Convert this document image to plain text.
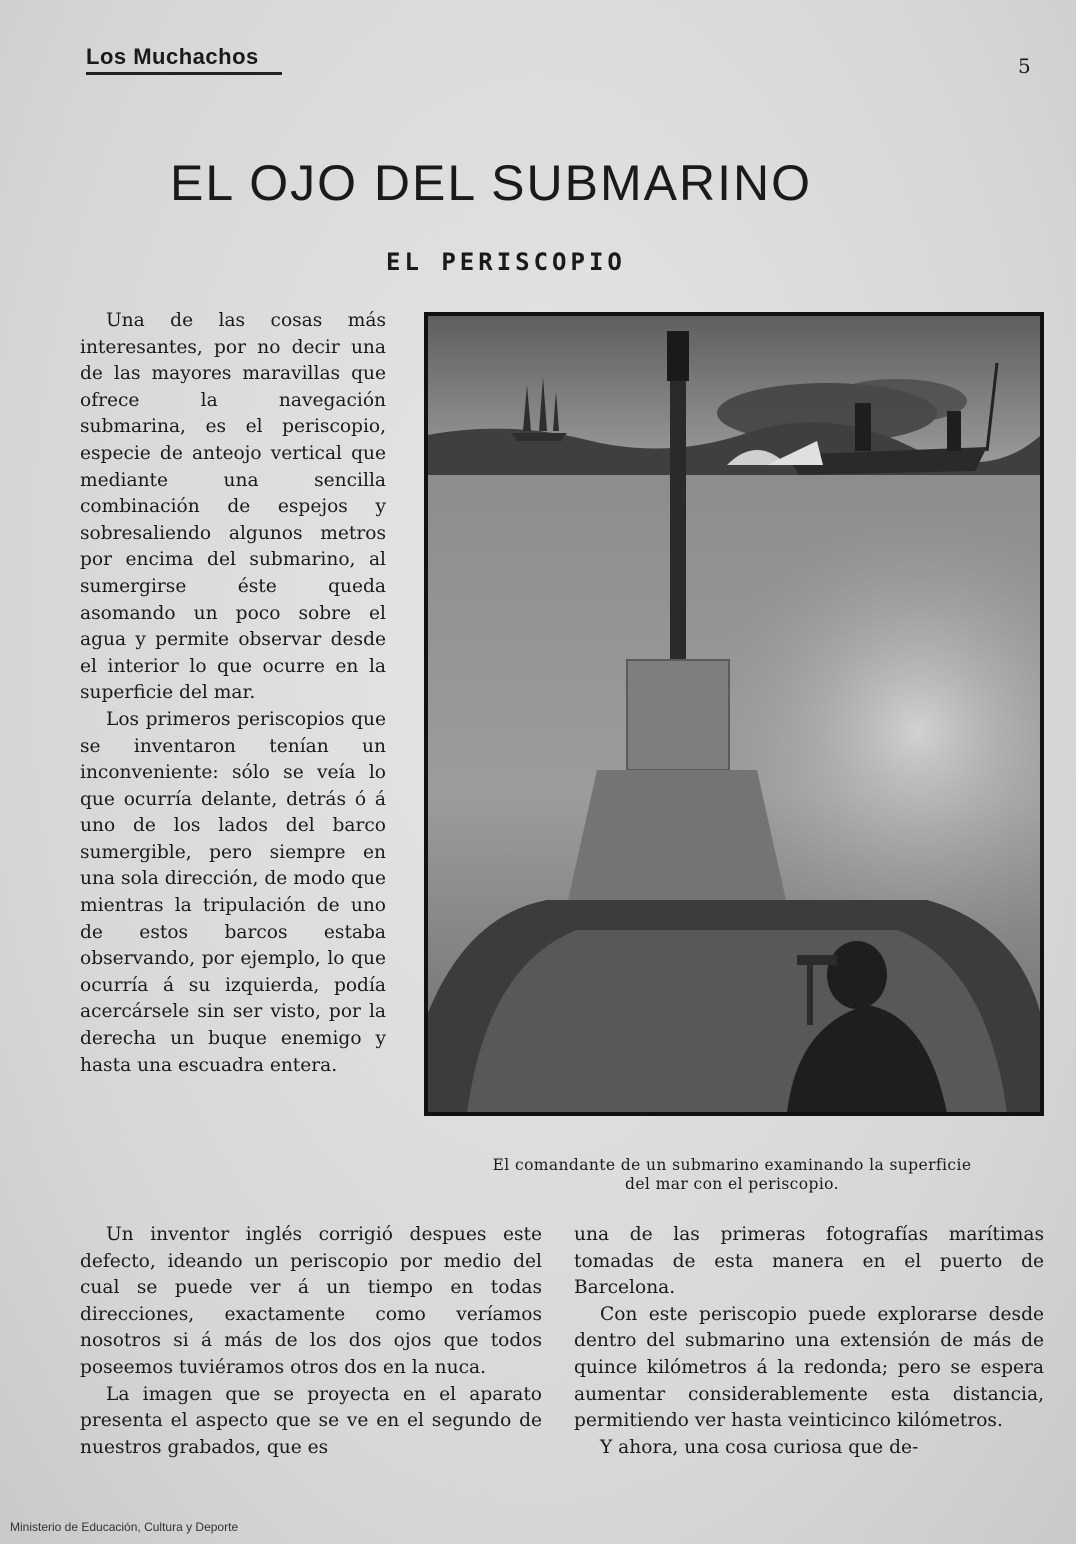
Los Muchachos	5
EL OJO DEL SUBMARINO
EL PERISCOPIO

Una de las cosas más interesantes, por no decir una de las mayores maravillas que ofrece la navegación submarina, es el periscopio, especie de anteojo vertical que mediante una sencilla combinación de espejos y sobresaliendo algunos metros por encima del submarino, al sumergirse éste queda asomando un poco sobre el agua y permite observar desde el interior lo que ocurre en la superficie del mar.

Los primeros periscopios que se inventaron tenían un inconveniente: sólo se veía lo que ocurría delante, detrás ó á uno de los lados del barco sumergible, pero siempre en una sola dirección, de modo que mientras la tripulación de uno de estos barcos estaba observando, por ejemplo, lo que ocurría á su izquierda, podía acercársele sin ser visto, por la derecha un buque enemigo y hasta una escuadra entera.

El comandante de un submarino examinando la superficie
del mar con el periscopio.

Un inventor inglés corrigió despues este defecto, ideando un periscopio por medio del cual se puede ver á un tiempo en todas direcciones, exactamente como veríamos nosotros si á más de los dos ojos que todos poseemos tuviéramos otros dos en la nuca.

La imagen que se proyecta en el aparato presenta el aspecto que se ve en el segundo de nuestros grabados, que es

una de las primeras fotografías marítimas tomadas de esta manera en el puerto de Barcelona.

Con este periscopio puede explorarse desde dentro del submarino una extensión de más de quince kilómetros á la redonda; pero se espera aumentar considerablemente esta distancia, permitiendo ver hasta veinticinco kilómetros.

Y ahora, una cosa curiosa que de-

Ministerio de Educación, Cultura y Deporte
